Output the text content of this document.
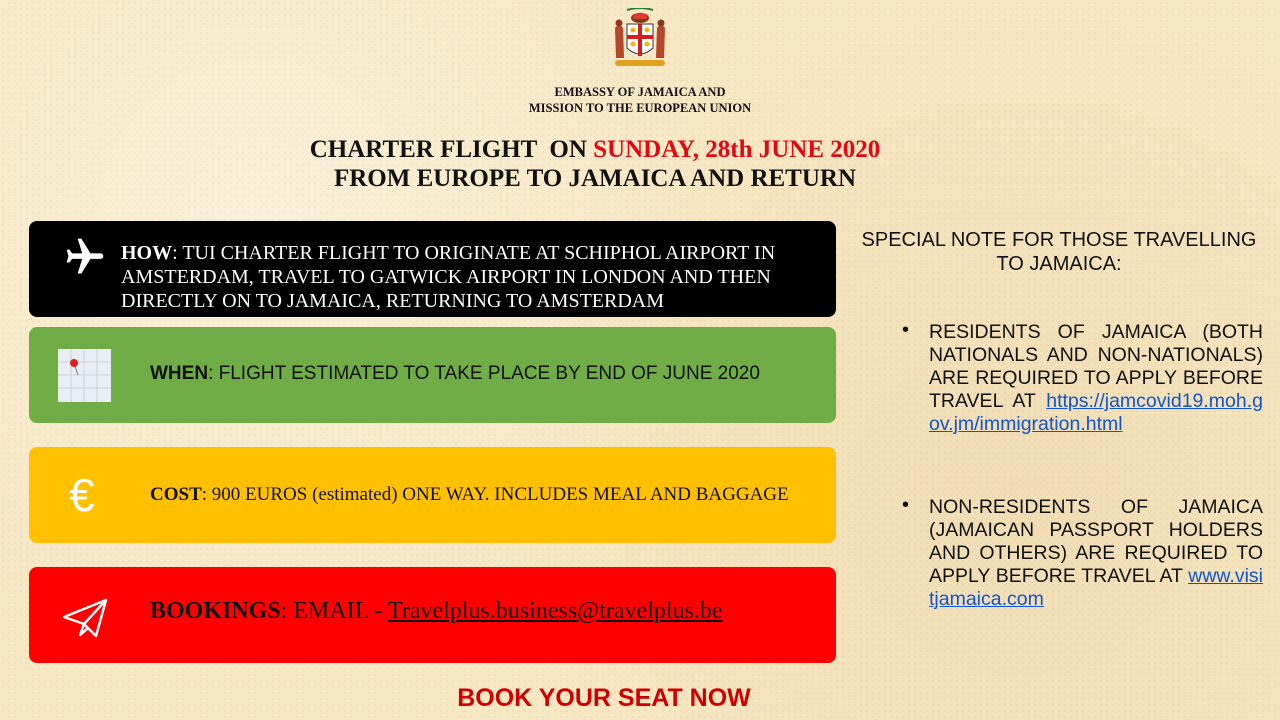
EMBASSY OF JAMAICA AND
MISSION TO THE EUROPEAN UNION
CHARTER FLIGHT  ON SUNDAY, 28th JUNE 2020
FROM EUROPE TO JAMAICA AND RETURN
HOW: TUI CHARTER FLIGHT TO ORIGINATE AT SCHIPHOL AIRPORT IN AMSTERDAM, TRAVEL TO GATWICK AIRPORT IN LONDON AND THEN DIRECTLY ON TO JAMAICA, RETURNING TO AMSTERDAM
WHEN: FLIGHT ESTIMATED TO TAKE PLACE BY END OF JUNE 2020
€	COST: 900 EUROS (estimated) ONE WAY. INCLUDES MEAL AND BAGGAGE
BOOKINGS: EMAIL - Travelplus.business@travelplus.be
SPECIAL NOTE FOR THOSE TRAVELLING TO JAMAICA:
•	RESIDENTS OF JAMAICA (BOTH NATIONALS AND NON-NATIONALS) ARE REQUIRED TO APPLY BEFORE TRAVEL AT https://jamcovid19.moh.gov.jm/immigration.html
•	NON-RESIDENTS OF JAMAICA (JAMAICAN PASSPORT HOLDERS AND OTHERS) ARE REQUIRED TO APPLY BEFORE TRAVEL AT www.visitjamaica.com
BOOK YOUR SEAT NOW
